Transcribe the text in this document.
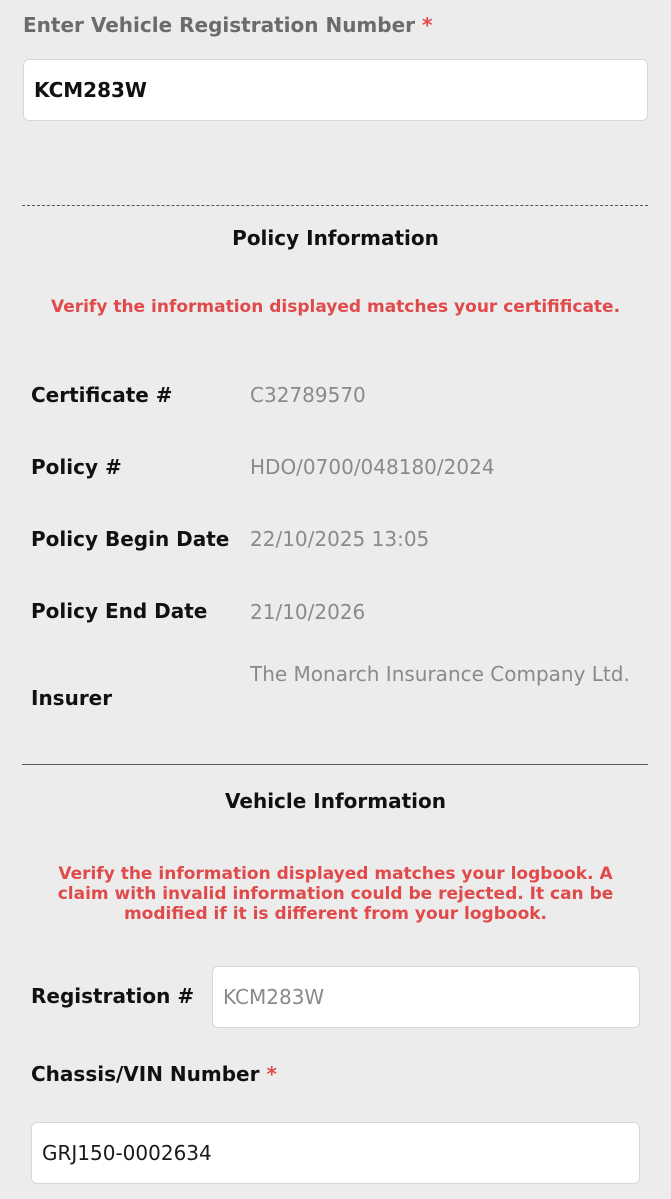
Enter Vehicle Registration Number *
KCM283W
Policy Information
Verify the information displayed matches your certifificate.
Certificate #	C32789570
Policy #	HDO/0700/048180/2024
Policy Begin Date 22/10/2025 13:05
Policy End Date 21/10/2026
Insurer
The Monarch Insurance Company Ltd.
Vehicle Information
Verify the information displayed matches your logbook. A claim with invalid information could be rejected. It can be modified if it is different from your logbook.
Registration # KCM283W
Chassis/VIN Number *
GRJ150-0002634
